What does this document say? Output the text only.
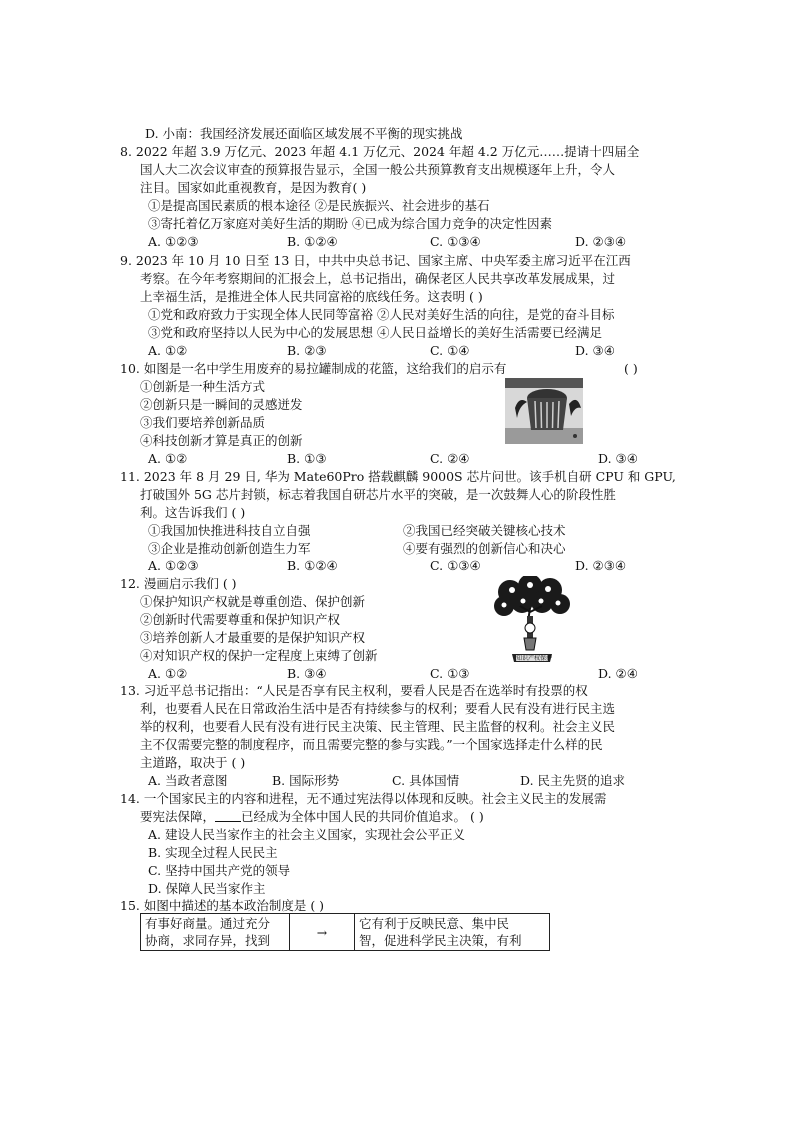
D. 小南：我国经济发展还面临区域发展不平衡的现实挑战
8. 2022 年超 3.9 万亿元、2023 年超 4.1 万亿元、2024 年超 4.2 万亿元……提请十四届全
国人大二次会议审查的预算报告显示，全国一般公共预算教育支出规模逐年上升，令人
注目。国家如此重视教育，是因为教育( )
①是提高国民素质的根本途径 ②是民族振兴、社会进步的基石
③寄托着亿万家庭对美好生活的期盼 ④已成为综合国力竞争的决定性因素
A. ①②③	B. ①②④	C. ①③④	D. ②③④
9. 2023 年 10 月 10 日至 13 日，中共中央总书记、国家主席、中央军委主席习近平在江西
考察。在今年考察期间的汇报会上，总书记指出，确保老区人民共享改革发展成果，过
上幸福生活，是推进全体人民共同富裕的底线任务。这表明 ( )
①党和政府致力于实现全体人民同等富裕 ②人民对美好生活的向往，是党的奋斗目标
③党和政府坚持以人民为中心的发展思想 ④人民日益增长的美好生活需要已经满足
A. ①②	B. ②③	C. ①④	D. ③④
10. 如图是一名中学生用废弃的易拉罐制成的花篮，这给我们的启示有	( )
①创新是一种生活方式
②创新只是一瞬间的灵感迸发
③我们要培养创新品质
④科技创新才算是真正的创新
A. ①②	B. ①③	C. ②④	D. ③④
11. 2023 年 8 月 29 日, 华为 Mate60Pro 搭载麒麟 9000S 芯片问世。该手机自研 CPU 和 GPU,
打破国外 5G 芯片封锁，标志着我国自研芯片水平的突破，是一次鼓舞人心的阶段性胜
利。这告诉我们 ( )
①我国加快推进科技自立自强	②我国已经突破关键核心技术
③企业是推动创新创造生力军	④要有强烈的创新信心和决心
A. ①②③	B. ①②④	C. ①③④	D. ②③④
12. 漫画启示我们 ( )
①保护知识产权就是尊重创造、保护创新
②创新时代需要尊重和保护知识产权
③培养创新人才最重要的是保护知识产权
④对知识产权的保护一定程度上束缚了创新
A. ①②	B. ③④	C. ①③	D. ②④
知识产权保护
13. 习近平总书记指出：“人民是否享有民主权利，要看人民是否在选举时有投票的权
利，也要看人民在日常政治生活中是否有持续参与的权利；要看人民有没有进行民主选
举的权利，也要看人民有没有进行民主决策、民主管理、民主监督的权利。社会主义民
主不仅需要完整的制度程序，而且需要完整的参与实践。”一个国家选择走什么样的民
主道路，取决于 ( )
A. 当政者意图	B. 国际形势	C. 具体国情	D. 民主先贤的追求
14. 一个国家民主的内容和进程，无不通过宪法得以体现和反映。社会主义民主的发展需
要宪法保障， 已经成为全体中国人民的共同价值追求。 ( )
A. 建设人民当家作主的社会主义国家，实现社会公平正义
B. 实现全过程人民民主
C. 坚持中国共产党的领导
D. 保障人民当家作主
15. 如图中描述的基本政治制度是 ( )
有事好商量。通过充分
协商，求同存异，找到
	→	
它有利于反映民意、集中民
智，促进科学民主决策，有利
